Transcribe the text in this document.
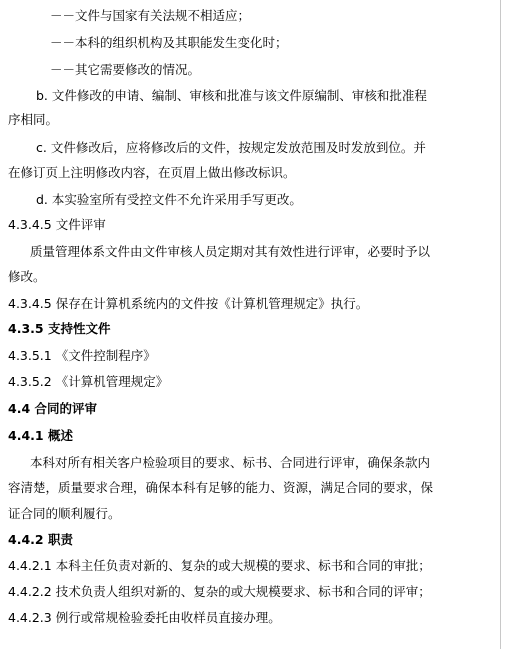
－－文件与国家有关法规不相适应；
－－本科的组织机构及其职能发生变化时；
－－其它需要修改的情况。
b. 文件修改的申请、编制、审核和批准与该文件原编制、审核和批准程
序相同。
c. 文件修改后，应将修改后的文件，按规定发放范围及时发放到位。并
在修订页上注明修改内容，在页眉上做出修改标识。
d. 本实验室所有受控文件不允许采用手写更改。
4.3.4.5 文件评审
质量管理体系文件由文件审核人员定期对其有效性进行评审，必要时予以
修改。
4.3.4.5 保存在计算机系统内的文件按《计算机管理规定》执行。
4.3.5 支持性文件
4.3.5.1 《文件控制程序》
4.3.5.2 《计算机管理规定》
4.4 合同的评审
4.4.1 概述
本科对所有相关客户检验项目的要求、标书、合同进行评审，确保条款内
容清楚，质量要求合理，确保本科有足够的能力、资源，满足合同的要求，保
证合同的顺利履行。
4.4.2 职责
4.4.2.1 本科主任负责对新的、复杂的或大规模的要求、标书和合同的审批；
4.4.2.2 技术负责人组织对新的、复杂的或大规模要求、标书和合同的评审；
4.4.2.3 例行或常规检验委托由收样员直接办理。
